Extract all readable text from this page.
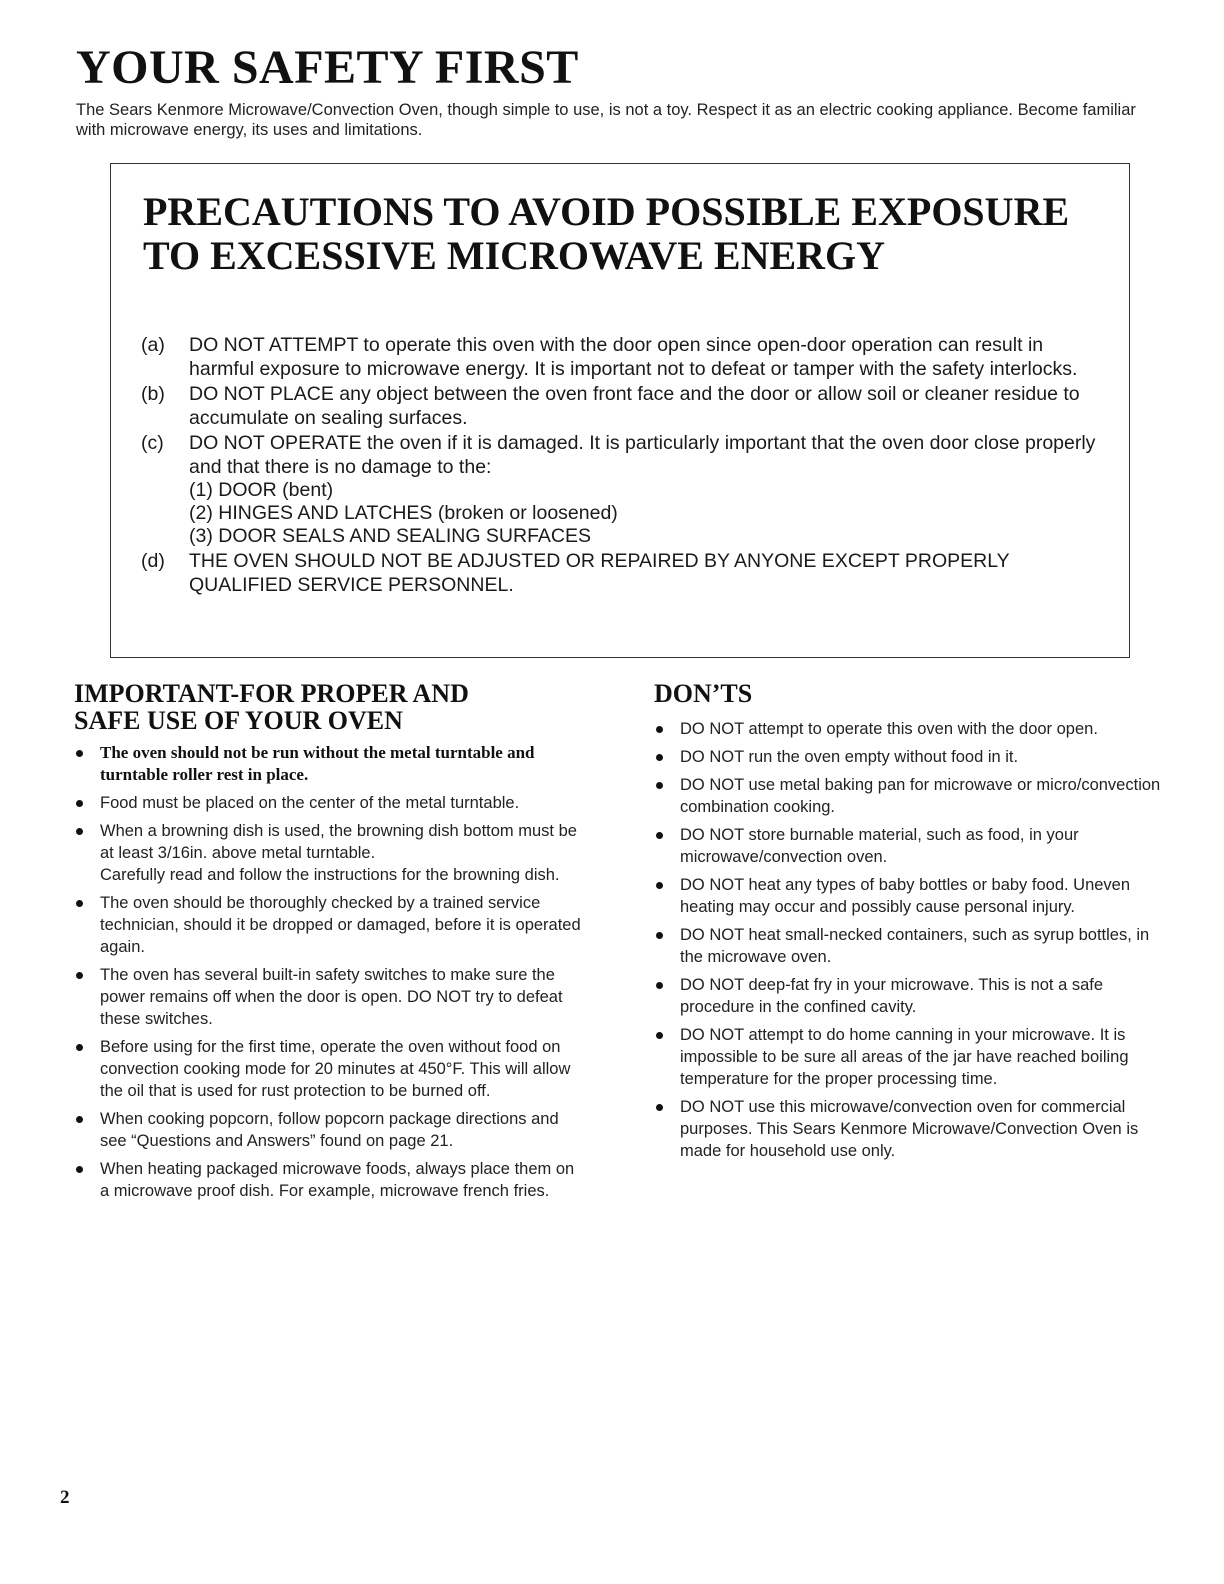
YOUR SAFETY FIRST

The Sears Kenmore Microwave/Convection Oven, though simple to use, is not a toy. Respect it as an electric cooking appliance. Become familiar with microwave energy, its uses and limitations.

PRECAUTIONS TO AVOID POSSIBLE EXPOSURE TO EXCESSIVE MICROWAVE ENERGY
(a) DO NOT ATTEMPT to operate this oven with the door open since open-door operation can result in harmful exposure to microwave energy. It is important not to defeat or tamper with the safety interlocks.
(b) DO NOT PLACE any object between the oven front face and the door or allow soil or cleaner residue to accumulate on sealing surfaces.
(c) DO NOT OPERATE the oven if it is damaged. It is particularly important that the oven door close properly and that there is no damage to the:
(1) DOOR (bent)
(2) HINGES AND LATCHES (broken or loosened)
(3) DOOR SEALS AND SEALING SURFACES
(d) THE OVEN SHOULD NOT BE ADJUSTED OR REPAIRED BY ANYONE EXCEPT PROPERLY QUALIFIED SERVICE PERSONNEL.
IMPORTANT-FOR PROPER AND
SAFE USE OF YOUR OVEN
The oven should not be run without the metal turntable and turntable roller rest in place.
Food must be placed on the center of the metal turntable.
When a browning dish is used, the browning dish bottom must be at least 3/16in. above metal turntable.
Carefully read and follow the instructions for the browning dish.
The oven should be thoroughly checked by a trained service technician, should it be dropped or damaged, before it is operated again.
The oven has several built-in safety switches to make sure the power remains off when the door is open. DO NOT try to defeat these switches.
Before using for the first time, operate the oven without food on convection cooking mode for 20 minutes at 450°F. This will allow the oil that is used for rust protection to be burned off.
When cooking popcorn, follow popcorn package directions and see “Questions and Answers” found on page 21.
When heating packaged microwave foods, always place them on a microwave proof dish. For example, microwave french fries.
DON’TS
DO NOT attempt to operate this oven with the door open.
DO NOT run the oven empty without food in it.
DO NOT use metal baking pan for microwave or micro/convection combination cooking.
DO NOT store burnable material, such as food, in your microwave/convection oven.
DO NOT heat any types of baby bottles or baby food. Uneven heating may occur and possibly cause personal injury.
DO NOT heat small-necked containers, such as syrup bottles, in the microwave oven.
DO NOT deep-fat fry in your microwave. This is not a safe procedure in the confined cavity.
DO NOT attempt to do home canning in your microwave. It is impossible to be sure all areas of the jar have reached boiling temperature for the proper processing time.
DO NOT use this microwave/convection oven for commercial purposes. This Sears Kenmore Microwave/Convection Oven is made for household use only.
2
